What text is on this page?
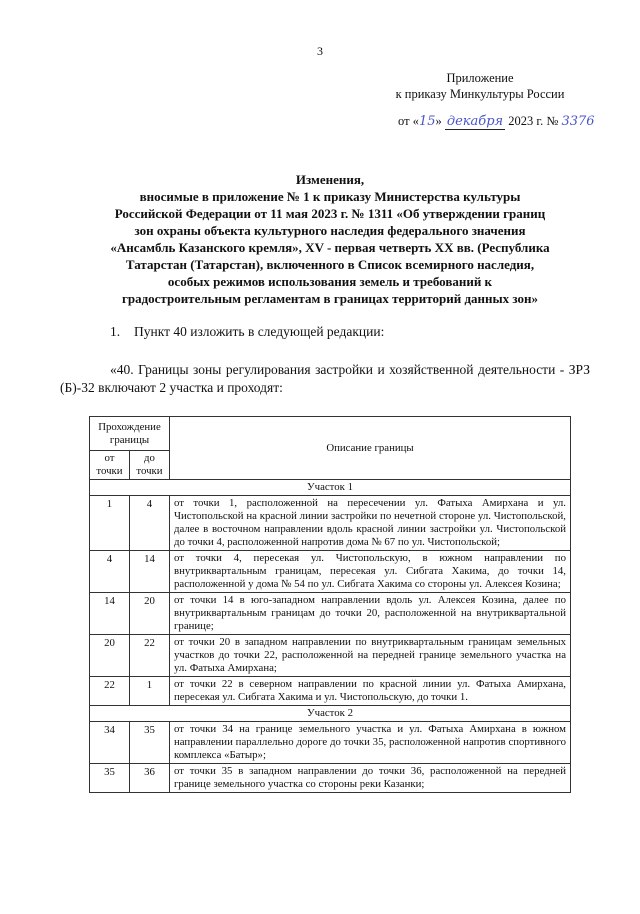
3
Приложение
к приказу Минкультуры России
от «15» декабря 2023 г. № 3376
Изменения,
вносимые в приложение № 1 к приказу Министерства культуры
Российской Федерации от 11 мая 2023 г. № 1311 «Об утверждении границ
зон охраны объекта культурного наследия федерального значения
«Ансамбль Казанского кремля», XV - первая четверть XX вв. (Республика
Татарстан (Татарстан), включенного в Список всемирного наследия,
особых режимов использования земель и требований к
градостроительным регламентам в границах территорий данных зон»
1. Пункт 40 изложить в следующей редакции:
«40. Границы зоны регулирования застройки и хозяйственной деятельности - ЗРЗ (Б)-32 включают 2 участка и проходят:
Прохождение границы		Описание границы
от точки	до точки	
Участок 1		
1	4	от точки 1, расположенной на пересечении ул. Фатыха Амирхана и ул. Чистопольской на красной линии застройки по нечетной стороне ул. Чистопольской, далее в восточном направлении вдоль красной линии застройки ул. Чистопольской до точки 4, расположенной напротив дома № 67 по ул. Чистопольской;
4	14	от точки 4, пересекая ул. Чистопольскую, в южном направлении по внутриквартальным границам, пересекая ул. Сибгата Хакима, до точки 14, расположенной у дома № 54 по ул. Сибгата Хакима со стороны ул. Алексея Козина;
14	20	от точки 14 в юго-западном направлении вдоль ул. Алексея Козина, далее по внутриквартальным границам до точки 20, расположенной на внутриквартальной границе;
20	22	от точки 20 в западном направлении по внутриквартальным границам земельных участков до точки 22, расположенной на передней границе земельного участка на ул. Фатыха Амирхана;
22	1	от точки 22 в северном направлении по красной линии ул. Фатыха Амирхана, пересекая ул. Сибгата Хакима и ул. Чистопольскую, до точки 1.
Участок 2		
34	35	от точки 34 на границе земельного участка и ул. Фатыха Амирхана в южном направлении параллельно дороге до точки 35, расположенной напротив спортивного комплекса «Батыр»;
35	36	от точки 35 в западном направлении до точки 36, расположенной на передней границе земельного участка со стороны реки Казанки;
